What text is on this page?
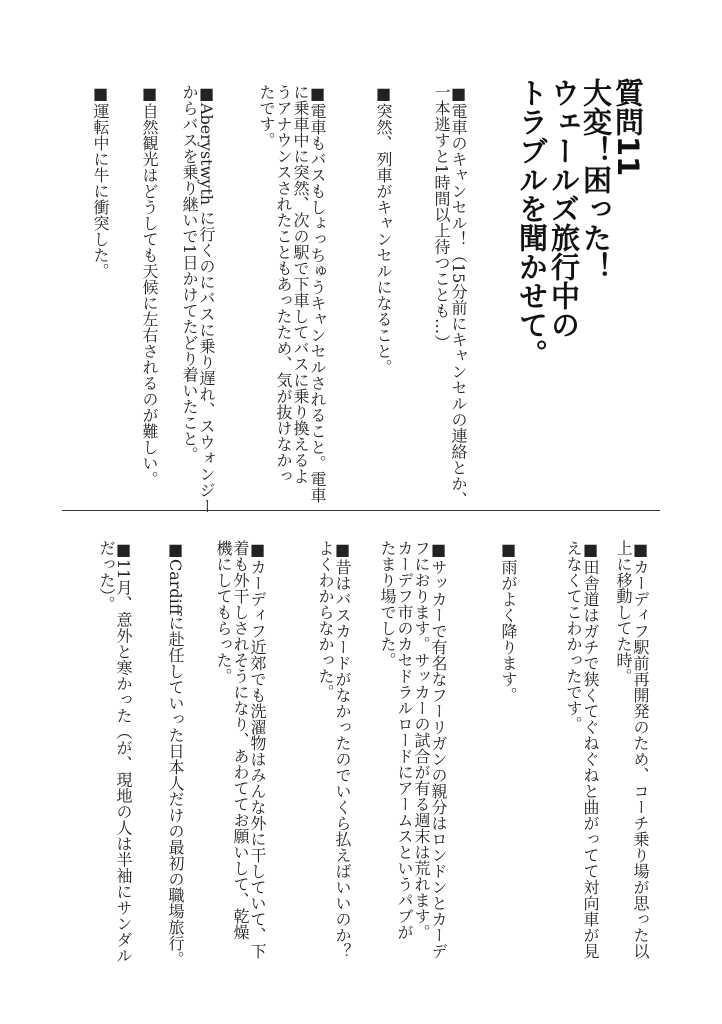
質問11
大変！困った！
ウェールズ旅行中の
トラブルを聞かせて。
■電車のキャンセル！（15分前にキャンセルの連絡とか、
一本逃すと1時間以上待つことも…）
■突然、列車がキャンセルになること。
■電車もバスもしょっちゅうキャンセルされること。電車
に乗車中に突然、次の駅で下車してバスに乗り換えるよ
うアナウンスされたこともあったため、気が抜けなかっ
たです。
■Aberystwyth に行くのにバスに乗り遅れ、スウォンジー
からバスを乗り継いで1日かけてたどり着いたこと。
■自然観光はどうしても天候に左右されるのが難しい。
■運転中に牛に衝突した。
■カーディフ駅前再開発のため、コーチ乗り場が思った以
上に移動してた時。
■田舎道はガチで狭くてぐねぐねと曲がってて対向車が見
えなくてこわかったです。
■雨がよく降ります。
■サッカーで有名なフーリガンの親分はロンドンとカーデ
フにおります。サッカーの試合が有る週末は荒れます。
カーデフ市のカセドラルロードにアームスというパブが
たまり場でした。
■昔はバスカードがなかったのでいくら払えばいいのか？
よくわからなかった。
■カーディフ近郊でも洗濯物はみんな外に干していて、下
着も外干しされそうになり、あわててお願いして、乾燥
機にしてもらった。
■Cardiffに赴任していった日本人だけの最初の職場旅行。
■11月、意外と寒かった（が、現地の人は半袖にサンダル
だった）。
